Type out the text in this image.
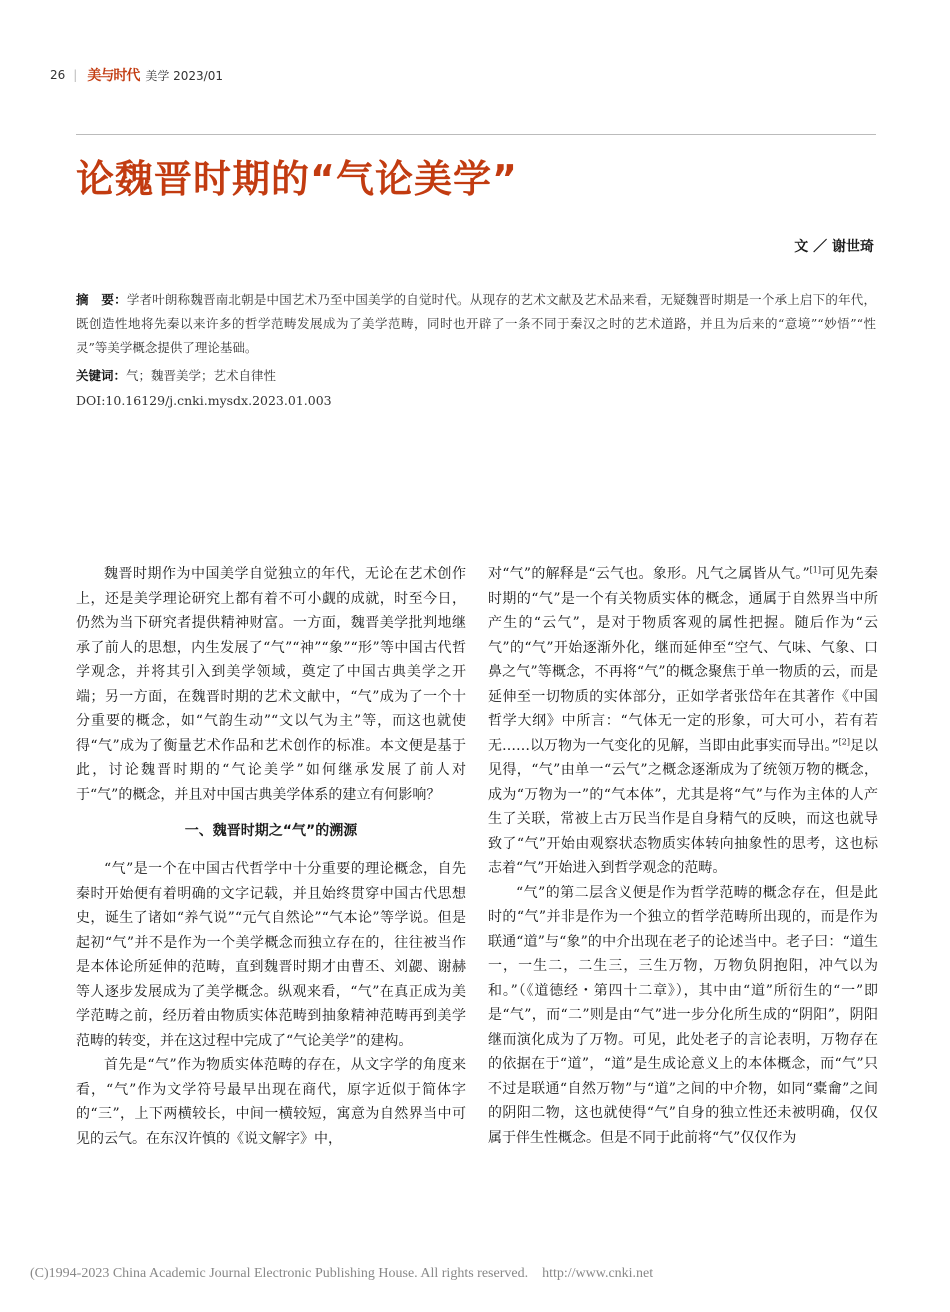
26 | 美与时代 美学 2023/01
论魏晋时期的“气论美学”
文 ／ 谢世琦
摘　要：学者叶朗称魏晋南北朝是中国艺术乃至中国美学的自觉时代。从现存的艺术文献及艺术品来看，无疑魏晋时期是一个承上启下的年代，既创造性地将先秦以来许多的哲学范畴发展成为了美学范畴，同时也开辟了一条不同于秦汉之时的艺术道路，并且为后来的“意境”“妙悟”“性灵”等美学概念提供了理论基础。
关键词：气；魏晋美学；艺术自律性
DOI:10.16129/j.cnki.mysdx.2023.01.003

魏晋时期作为中国美学自觉独立的年代，无论在艺术创作上，还是美学理论研究上都有着不可小觑的成就，时至今日，仍然为当下研究者提供精神财富。一方面，魏晋美学批判地继承了前人的思想，内生发展了“气”“神”“象”“形”等中国古代哲学观念，并将其引入到美学领域，奠定了中国古典美学之开端；另一方面，在魏晋时期的艺术文献中，“气”成为了一个十分重要的概念，如“气韵生动”“文以气为主”等，而这也就使得“气”成为了衡量艺术作品和艺术创作的标准。本文便是基于此，讨论魏晋时期的“气论美学”如何继承发展了前人对于“气”的概念，并且对中国古典美学体系的建立有何影响？

一、魏晋时期之“气”的溯源

“气”是一个在中国古代哲学中十分重要的理论概念，自先秦时开始便有着明确的文字记载，并且始终贯穿中国古代思想史，诞生了诸如“养气说”“元气自然论”“气本论”等学说。但是起初“气”并不是作为一个美学概念而独立存在的，往往被当作是本体论所延伸的范畴，直到魏晋时期才由曹丕、刘勰、谢赫等人逐步发展成为了美学概念。纵观来看，“气”在真正成为美学范畴之前，经历着由物质实体范畴到抽象精神范畴再到美学范畴的转变，并在这过程中完成了“气论美学”的建构。

首先是“气”作为物质实体范畴的存在，从文字学的角度来看，“气”作为文学符号最早出现在商代，原字近似于简体字的“三”，上下两横较长，中间一横较短，寓意为自然界当中可见的云气。在东汉许慎的《说文解字》中，

对“气”的解释是“云气也。象形。凡气之属皆从气。”[1]可见先秦时期的“气”是一个有关物质实体的概念，通属于自然界当中所产生的“云气”，是对于物质客观的属性把握。随后作为“云气”的“气”开始逐渐外化，继而延伸至“空气、气味、气象、口鼻之气”等概念，不再将“气”的概念聚焦于单一物质的云，而是延伸至一切物质的实体部分，正如学者张岱年在其著作《中国哲学大纲》中所言：“气体无一定的形象，可大可小，若有若无……以万物为一气变化的见解，当即由此事实而导出。”[2]足以见得，“气”由单一“云气”之概念逐渐成为了统领万物的概念，成为“万物为一”的“气本体”，尤其是将“气”与作为主体的人产生了关联，常被上古万民当作是自身精气的反映，而这也就导致了“气”开始由观察状态物质实体转向抽象性的思考，这也标志着“气”开始进入到哲学观念的范畴。

“气”的第二层含义便是作为哲学范畴的概念存在，但是此时的“气”并非是作为一个独立的哲学范畴所出现的，而是作为联通“道”与“象”的中介出现在老子的论述当中。老子曰：“道生一，一生二，二生三，三生万物，万物负阴抱阳，冲气以为和。”（《道德经・第四十二章》），其中由“道”所衍生的“一”即是“气”，而“二”则是由“气”进一步分化所生成的“阴阳”，阴阳继而演化成为了万物。可见，此处老子的言论表明，万物存在的依据在于“道”，“道”是生成论意义上的本体概念，而“气”只不过是联通“自然万物”与“道”之间的中介物，如同“橐龠”之间的阴阳二物，这也就使得“气”自身的独立性还未被明确，仅仅属于伴生性概念。但是不同于此前将“气”仅仅作为

(C)1994-2023 China Academic Journal Electronic Publishing House. All rights reserved. http://www.cnki.net
